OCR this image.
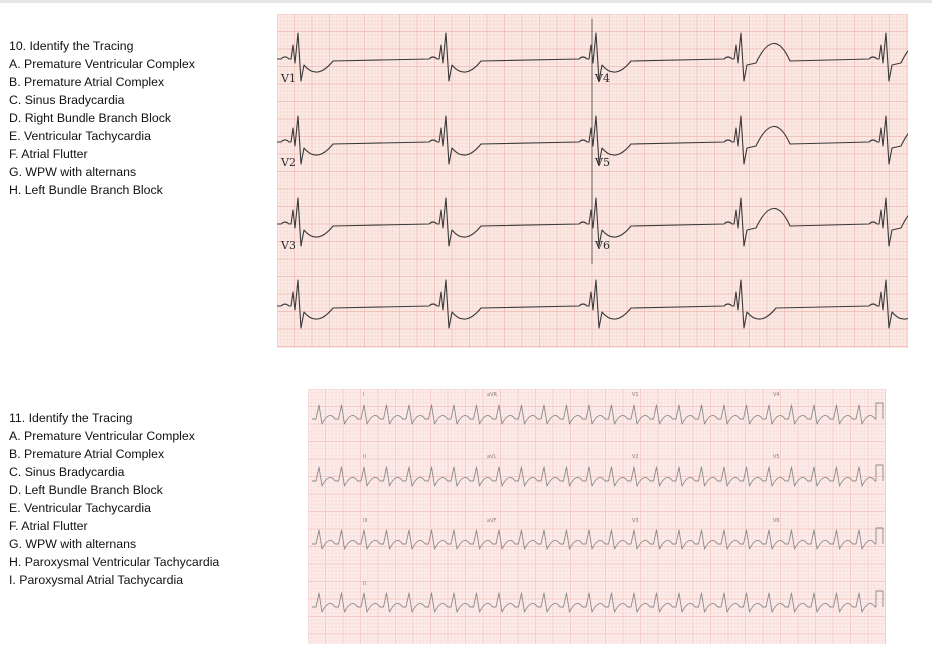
10. Identify the Tracing
A. Premature Ventricular Complex
B. Premature Atrial Complex
C. Sinus Bradycardia
D. Right Bundle Branch Block
E. Ventricular Tachycardia
F. Atrial Flutter
G. WPW with alternans
H. Left Bundle Branch Block
11. Identify the Tracing
A. Premature Ventricular Complex
B. Premature Atrial Complex
C. Sinus Bradycardia
D. Left Bundle Branch Block
E. Ventricular Tachycardia
F. Atrial Flutter
G. WPW with alternans
H. Paroxysmal Ventricular Tachycardia
I. Paroxysmal Atrial Tachycardia
V1
V2
V3
V4
V5
V6
I
II
III
II
aVR
aVL
aVF
V1
V2
V3
V4
V5
V6
